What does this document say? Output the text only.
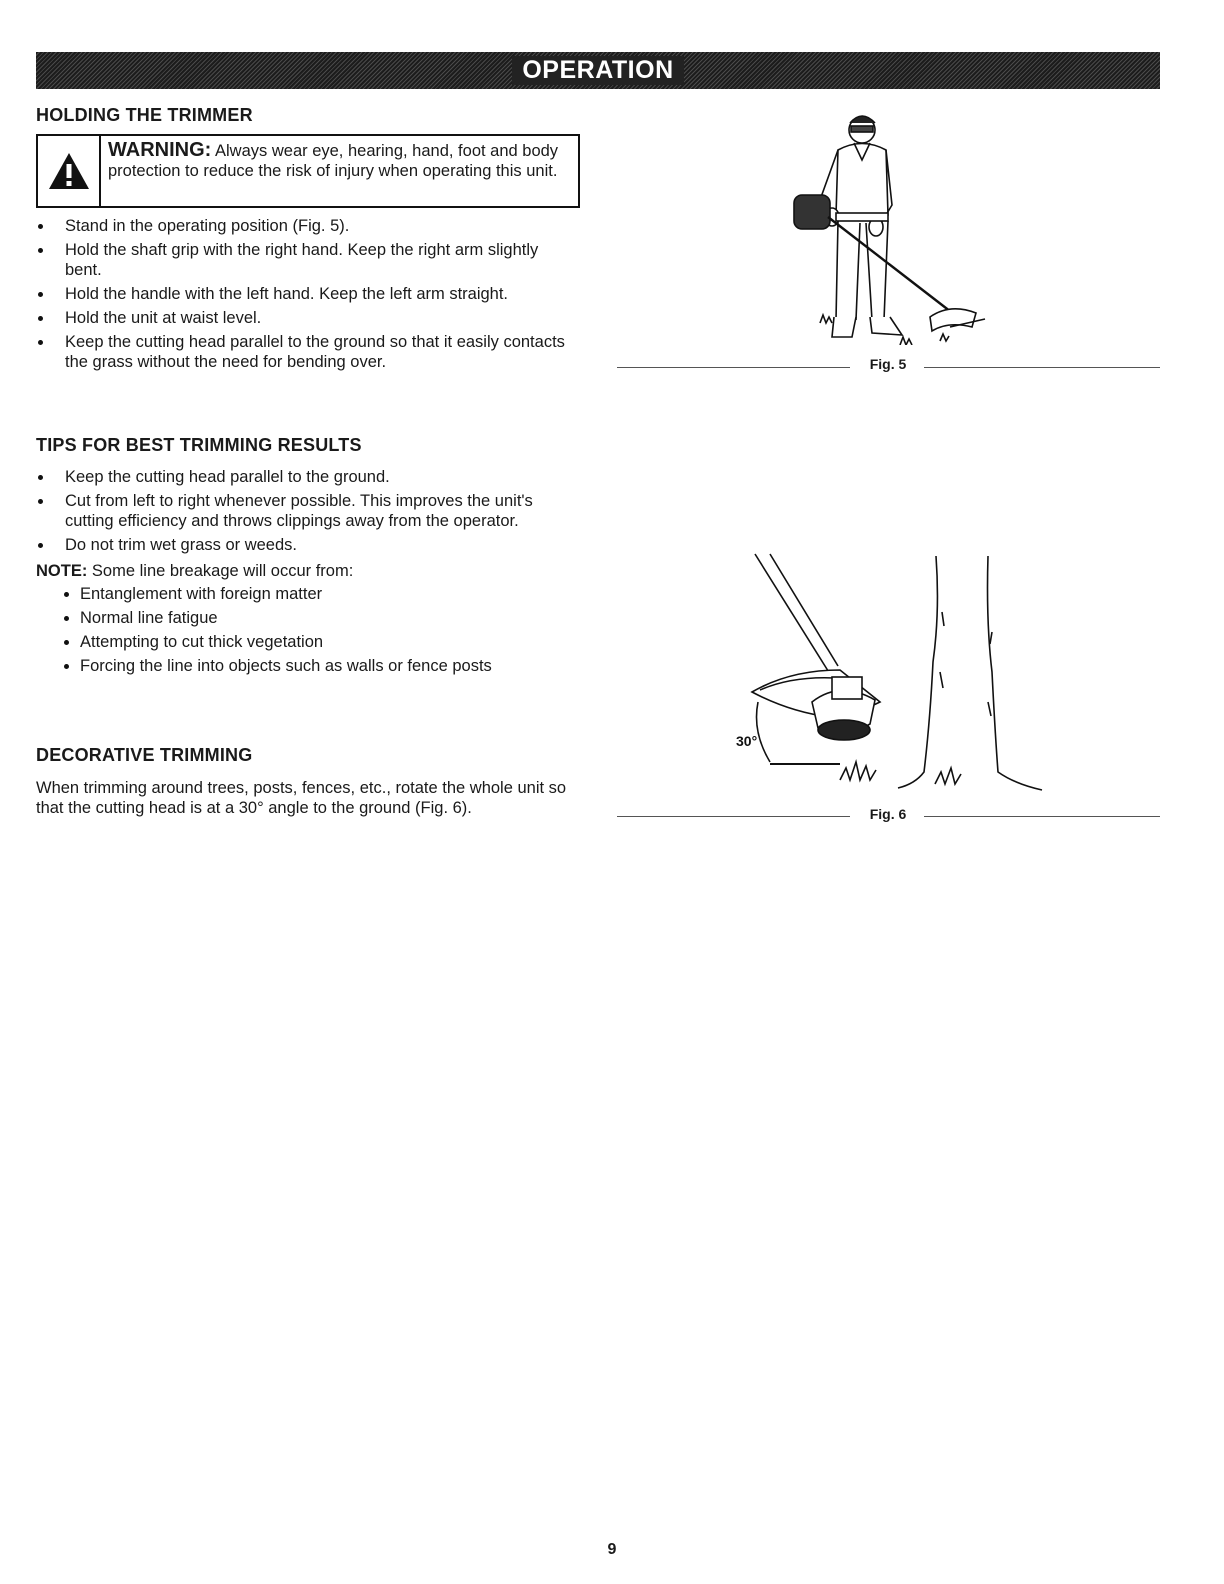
OPERATION
HOLDING THE TRIMMER
WARNING: Always wear eye, hearing, hand, foot and body protection to reduce the risk of injury when operating this unit.
Stand in the operating position (Fig. 5).
Hold the shaft grip with the right hand. Keep the right arm slightly bent.
Hold the handle with the left hand. Keep the left arm straight.
Hold the unit at waist level.
Keep the cutting head parallel to the ground so that it easily contacts the grass without the need for bending over.	Fig. 5
TIPS FOR BEST TRIMMING RESULTS
Keep the cutting head parallel to the ground.
Cut from left to right whenever possible. This improves the unit's cutting efficiency and throws clippings away from the operator.
Do not trim wet grass or weeds.
NOTE: Some line breakage will occur from:
Entanglement with foreign matter
Normal line fatigue
Attempting to cut thick vegetation
Forcing the line into objects such as walls or fence posts
DECORATIVE TRIMMING

When trimming around trees, posts, fences, etc., rotate the whole unit so that the cutting head is at a 30° angle to the ground (Fig. 6).

30°
Fig. 6
9
